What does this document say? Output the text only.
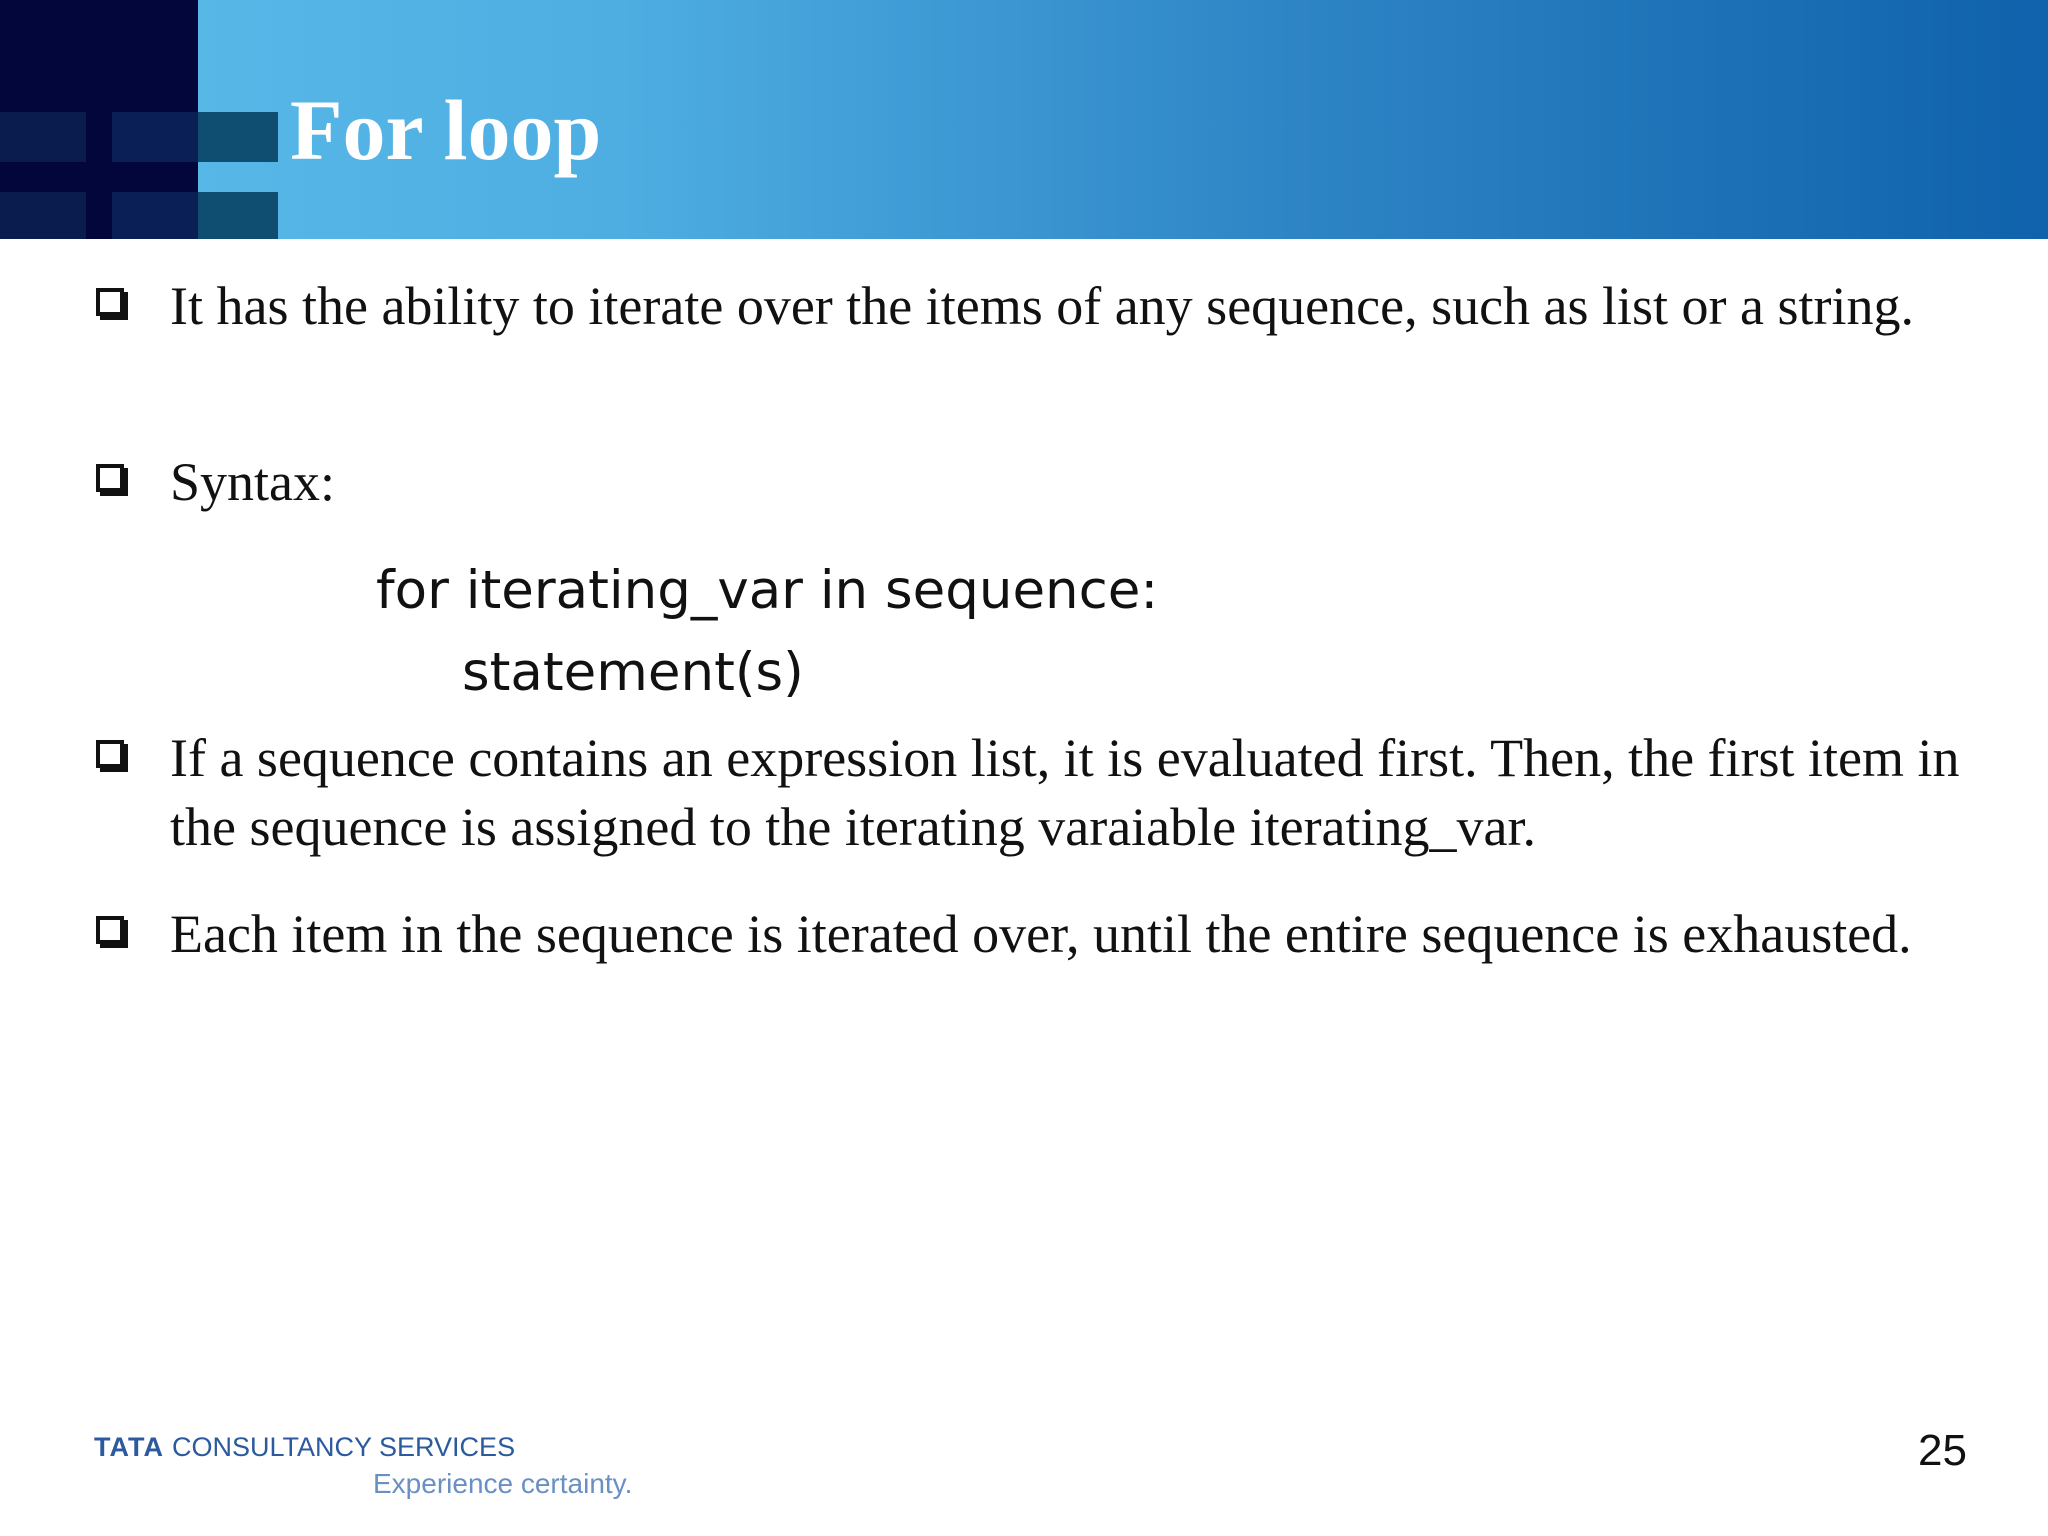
For loop
It has the ability to iterate over the items of any sequence, such as list or a string.
Syntax:
for iterating_var in sequence:
statement(s)
If a sequence contains an expression list, it is evaluated first. Then, the first item in the sequence is assigned to the iterating varaiable iterating_var.
Each item in the sequence is iterated over, until the entire sequence is exhausted.
TATA CONSULTANCY SERVICES
Experience certainty.
25
